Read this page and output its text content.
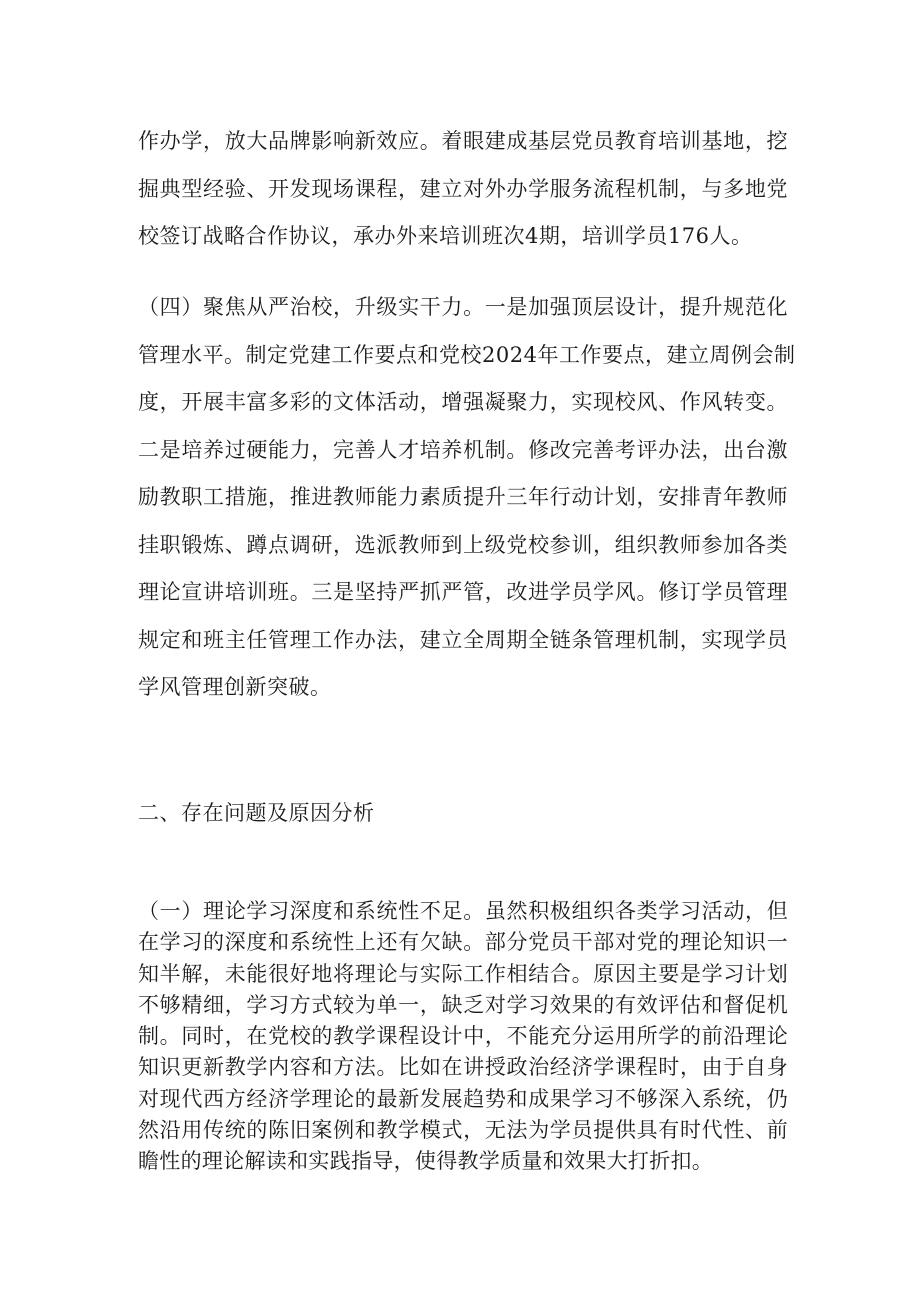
作办学，放大品牌影响新效应。着眼建成基层党员教育培训基地，挖
掘典型经验、开发现场课程，建立对外办学服务流程机制，与多地党
校签订战略合作协议，承办外来培训班次4期，培训学员176人。
（四）聚焦从严治校，升级实干力。一是加强顶层设计，提升规范化
管理水平。制定党建工作要点和党校2024年工作要点，建立周例会制
度，开展丰富多彩的文体活动，增强凝聚力，实现校风、作风转变。
二是培养过硬能力，完善人才培养机制。修改完善考评办法，出台激
励教职工措施，推进教师能力素质提升三年行动计划，安排青年教师
挂职锻炼、蹲点调研，选派教师到上级党校参训，组织教师参加各类
理论宣讲培训班。三是坚持严抓严管，改进学员学风。修订学员管理
规定和班主任管理工作办法，建立全周期全链条管理机制，实现学员
学风管理创新突破。
二、存在问题及原因分析
（一）理论学习深度和系统性不足。虽然积极组织各类学习活动，但
在学习的深度和系统性上还有欠缺。部分党员干部对党的理论知识一
知半解，未能很好地将理论与实际工作相结合。原因主要是学习计划
不够精细，学习方式较为单一，缺乏对学习效果的有效评估和督促机
制。同时，在党校的教学课程设计中，不能充分运用所学的前沿理论
知识更新教学内容和方法。比如在讲授政治经济学课程时，由于自身
对现代西方经济学理论的最新发展趋势和成果学习不够深入系统，仍
然沿用传统的陈旧案例和教学模式，无法为学员提供具有时代性、前
瞻性的理论解读和实践指导，使得教学质量和效果大打折扣。
